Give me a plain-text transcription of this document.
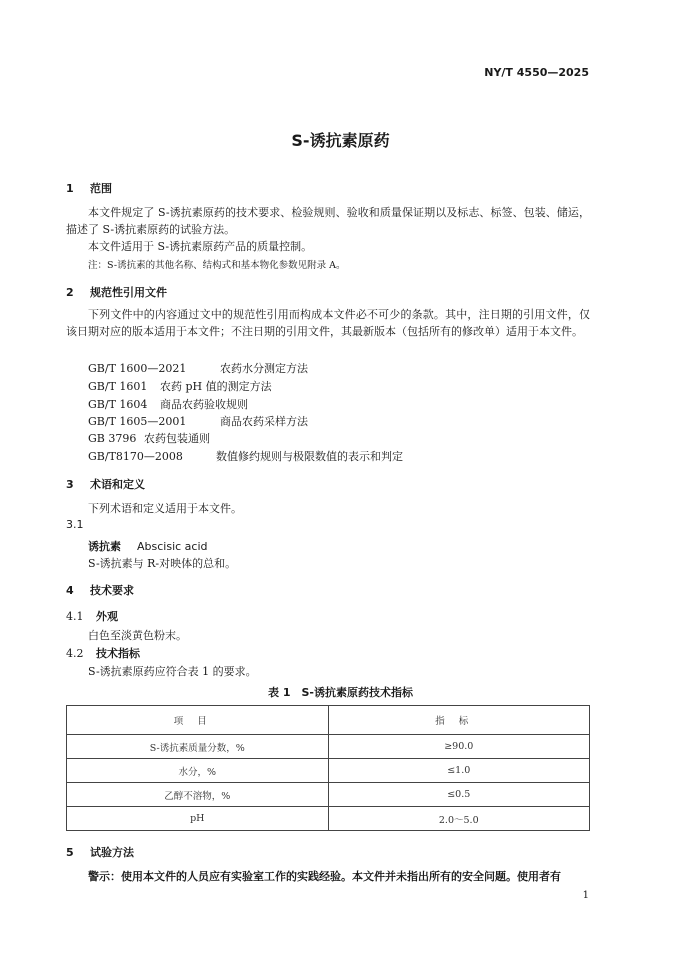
NY/T 4550—2025
S-诱抗素原药
1 范围
本文件规定了 S-诱抗素原药的技术要求、检验规则、验收和质量保证期以及标志、标签、包装、储运，描述了 S-诱抗素原药的试验方法。
本文件适用于 S-诱抗素原药产品的质量控制。
注：S-诱抗素的其他名称、结构式和基本物化参数见附录 A。
2 规范性引用文件
下列文件中的内容通过文中的规范性引用而构成本文件必不可少的条款。其中，注日期的引用文件，仅该日期对应的版本适用于本文件；不注日期的引用文件，其最新版本（包括所有的修改单）适用于本文件。
GB/T 1600—2021	农药水分测定方法
GB/T 1601 农药 pH 值的测定方法
GB/T 1604 商品农药验收规则
GB/T 1605—2001	商品农药采样方法
GB 3796 农药包装通则
GB/T8170—2008	数值修约规则与极限数值的表示和判定
3 术语和定义
下列术语和定义适用于本文件。
3.1
诱抗素 Abscisic acid
S-诱抗素与 R-对映体的总和。
4 技术要求
4.1 外观
白色至淡黄色粉末。
4.2 技术指标
S-诱抗素原药应符合表 1 的要求。
表 1　S-诱抗素原药技术指标
项目	指标
S-诱抗素质量分数，%	≥90.0
水分，%	≤1.0
乙醇不溶物，%	≤0.5
pH	2.0～5.0
5 试验方法
警示：使用本文件的人员应有实验室工作的实践经验。本文件并未指出所有的安全问题。使用者有
1
